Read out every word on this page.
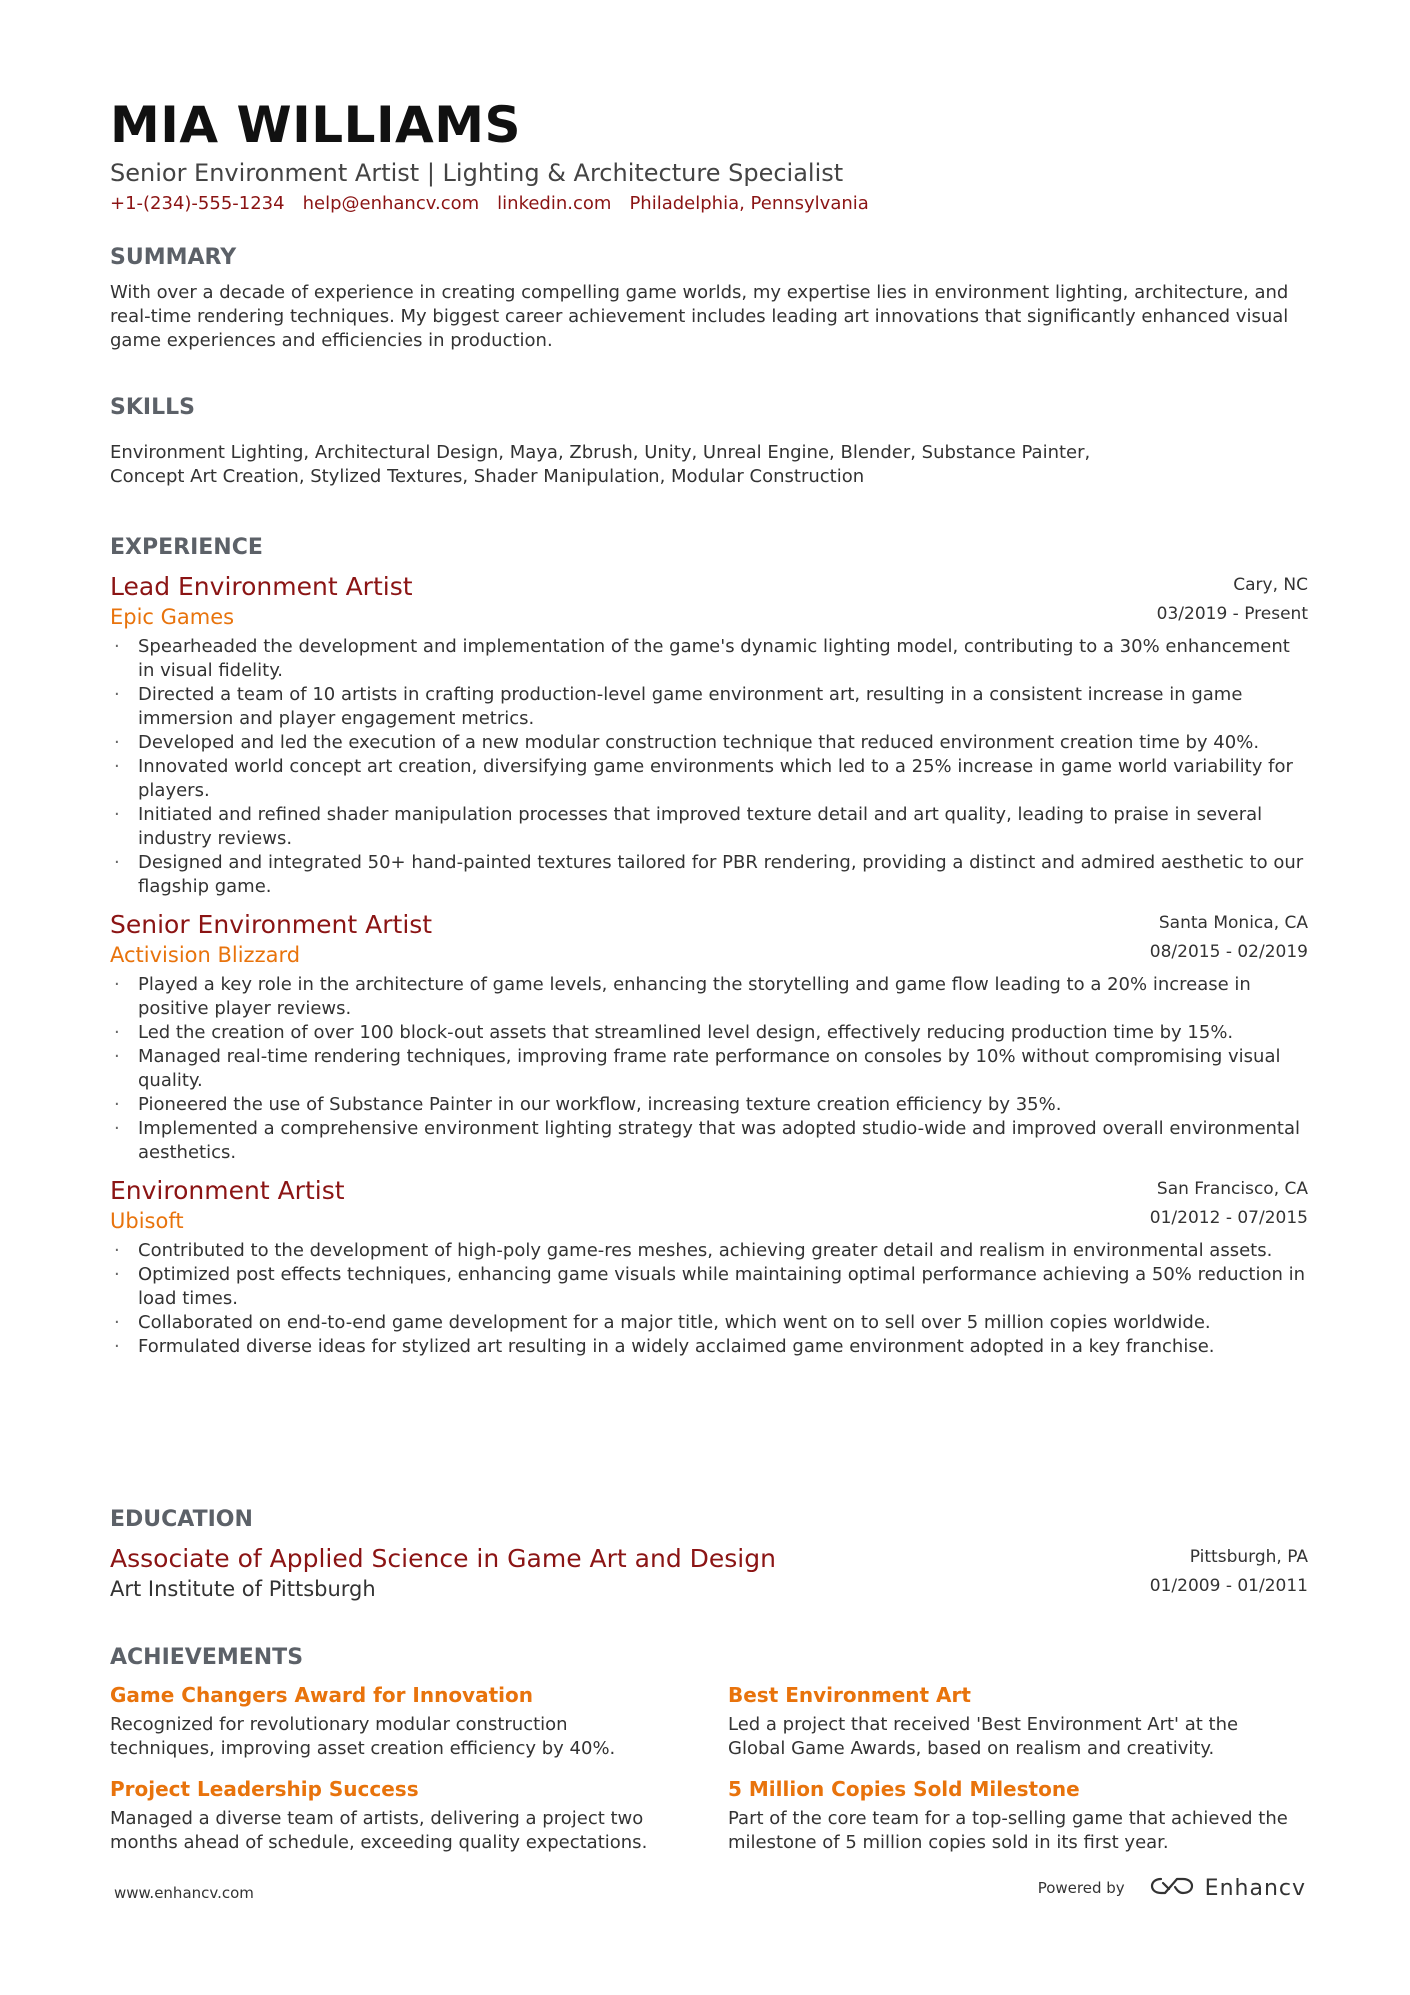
MIA WILLIAMS
Senior Environment Artist | Lighting & Architecture Specialist
+1-(234)-555-1234 help@enhancv.com linkedin.com Philadelphia, Pennsylvania
SUMMARY
With over a decade of experience in creating compelling game worlds, my expertise lies in environment lighting, architecture, and real-time rendering techniques. My biggest career achievement includes leading art innovations that significantly enhanced visual game experiences and efficiencies in production.
SKILLS
Environment Lighting, Architectural Design, Maya, Zbrush, Unity, Unreal Engine, Blender, Substance Painter, Concept Art Creation, Stylized Textures, Shader Manipulation, Modular Construction
EXPERIENCE
Lead Environment Artist
Epic Games
Cary, NC
03/2019 - Present
· Spearheaded the development and implementation of the game's dynamic lighting model, contributing to a 30% enhancement in visual fidelity.
· Directed a team of 10 artists in crafting production-level game environment art, resulting in a consistent increase in game immersion and player engagement metrics.
· Developed and led the execution of a new modular construction technique that reduced environment creation time by 40%.
· Innovated world concept art creation, diversifying game environments which led to a 25% increase in game world variability for players.
· Initiated and refined shader manipulation processes that improved texture detail and art quality, leading to praise in several industry reviews.
· Designed and integrated 50+ hand-painted textures tailored for PBR rendering, providing a distinct and admired aesthetic to our flagship game.
Senior Environment Artist
Activision Blizzard
Santa Monica, CA
08/2015 - 02/2019
· Played a key role in the architecture of game levels, enhancing the storytelling and game flow leading to a 20% increase in positive player reviews.
· Led the creation of over 100 block-out assets that streamlined level design, effectively reducing production time by 15%.
· Managed real-time rendering techniques, improving frame rate performance on consoles by 10% without compromising visual quality.
· Pioneered the use of Substance Painter in our workflow, increasing texture creation efficiency by 35%.
· Implemented a comprehensive environment lighting strategy that was adopted studio-wide and improved overall environmental aesthetics.
Environment Artist
Ubisoft
San Francisco, CA
01/2012 - 07/2015
· Contributed to the development of high-poly game-res meshes, achieving greater detail and realism in environmental assets.
· Optimized post effects techniques, enhancing game visuals while maintaining optimal performance achieving a 50% reduction in load times.
· Collaborated on end-to-end game development for a major title, which went on to sell over 5 million copies worldwide.
· Formulated diverse ideas for stylized art resulting in a widely acclaimed game environment adopted in a key franchise.
EDUCATION
Associate of Applied Science in Game Art and Design
Art Institute of Pittsburgh
Pittsburgh, PA
01/2009 - 01/2011
ACHIEVEMENTS
Game Changers Award for Innovation
Recognized for revolutionary modular construction techniques, improving asset creation efficiency by 40%.
Best Environment Art
Led a project that received 'Best Environment Art' at the Global Game Awards, based on realism and creativity.
Project Leadership Success
Managed a diverse team of artists, delivering a project two months ahead of schedule, exceeding quality expectations.
5 Million Copies Sold Milestone
Part of the core team for a top-selling game that achieved the milestone of 5 million copies sold in its first year.
www.enhancv.com	Powered by	Enhancv
